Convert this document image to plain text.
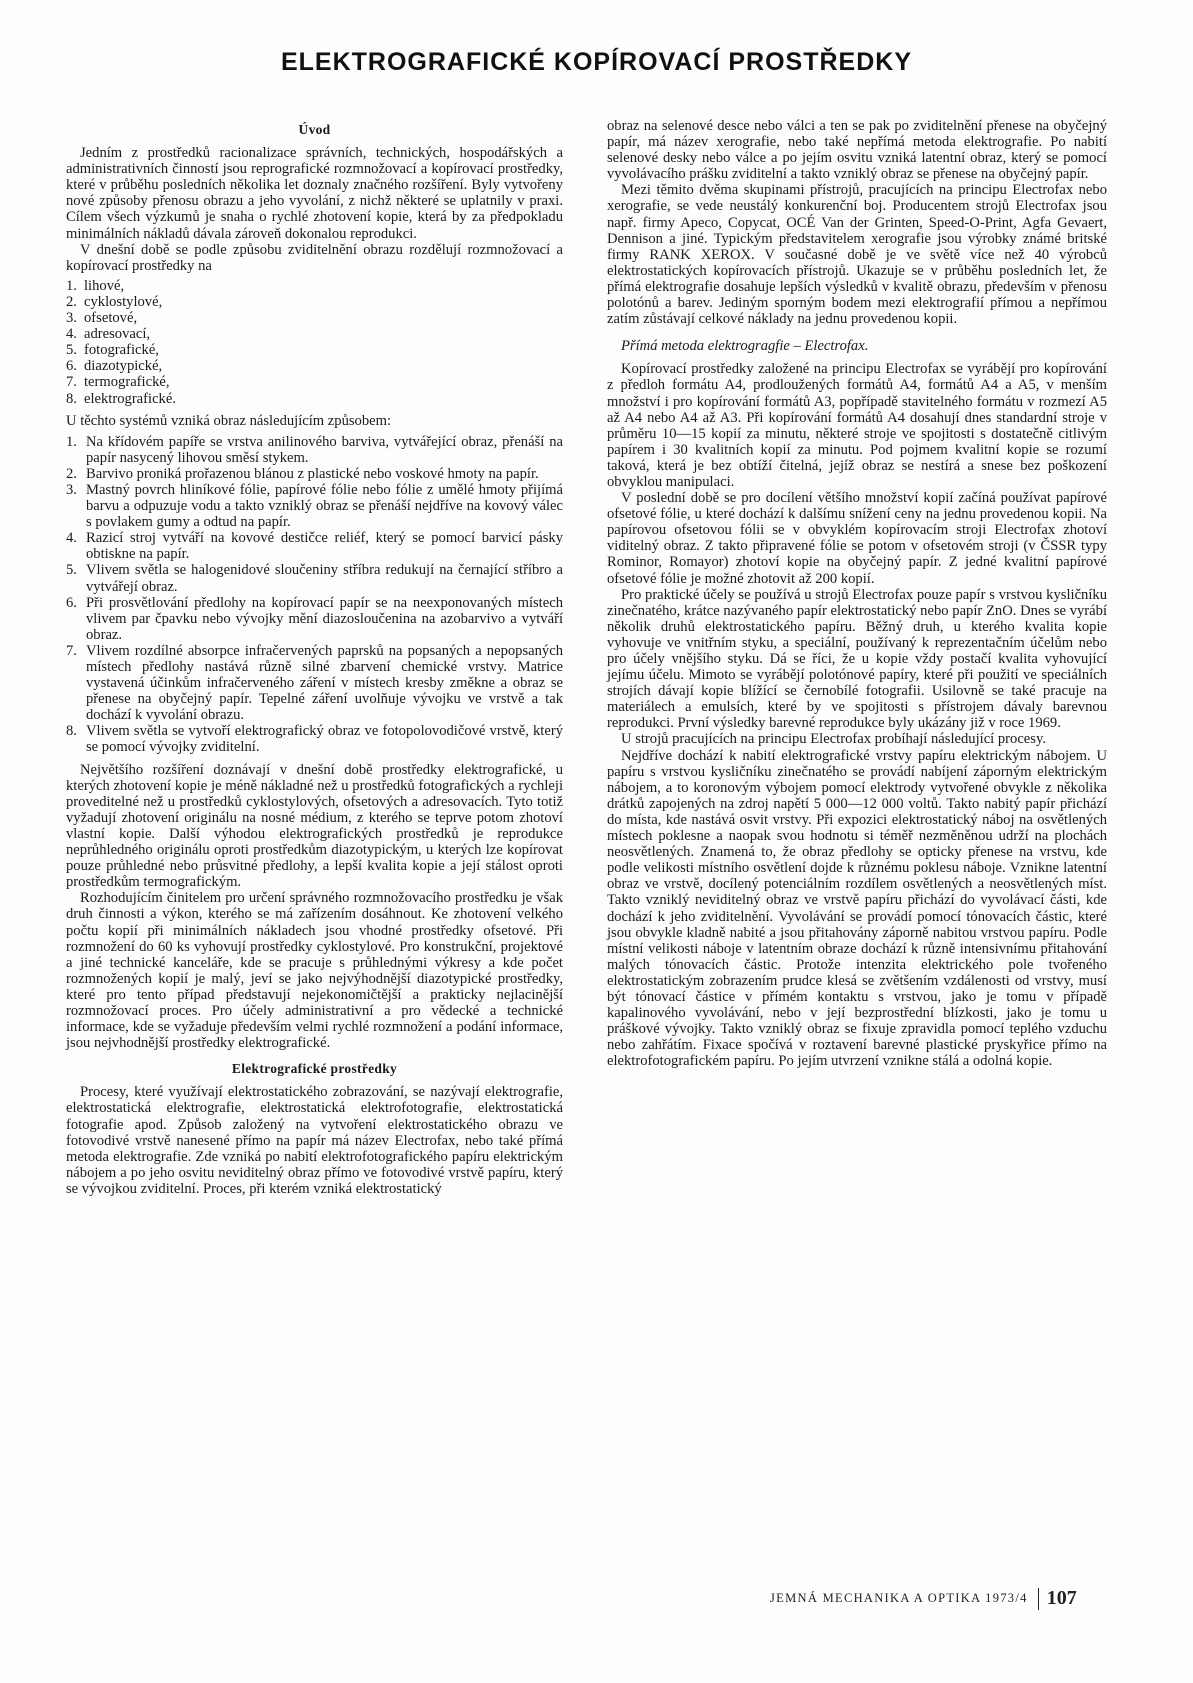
ELEKTROGRAFICKÉ KOPÍROVACÍ PROSTŘEDKY
Úvod

Jedním z prostředků racionalizace správních, technických, hospodářských a administrativních činností jsou reprografické rozmnožovací a kopírovací prostředky, které v průběhu posledních několika let doznaly značného rozšíření. Byly vytvořeny nové způsoby přenosu obrazu a jeho vyvolání, z nichž některé se uplatnily v praxi. Cílem všech výzkumů je snaha o rychlé zhotovení kopie, která by za předpokladu minimálních nákladů dávala zároveň dokonalou reprodukci.

V dnešní době se podle způsobu zviditelnění obrazu rozdělují rozmnožovací a kopírovací prostředky na

1. lihové,
2. cyklostylové,
3. ofsetové,
4. adresovací,
5. fotografické,
6. diazotypické,
7. termografické,
8. elektrografické.

U těchto systémů vzniká obraz následujícím způsobem:

1. Na křídovém papíře se vrstva anilinového barviva, vytvářející obraz, přenáší na papír nasycený lihovou směsí stykem.
2. Barvivo proniká prořazenou blánou z plastické nebo voskové hmoty na papír.
3. Mastný povrch hliníkové fólie, papírové fólie nebo fólie z umělé hmoty přijímá barvu a odpuzuje vodu a takto vzniklý obraz se přenáší nejdříve na kovový válec s povlakem gumy a odtud na papír.
4. Razicí stroj vytváří na kovové destičce reliéf, který se pomocí barvicí pásky obtiskne na papír.
5. Vlivem světla se halogenidové sloučeniny stříbra redukují na černající stříbro a vytvářejí obraz.
6. Při prosvětlování předlohy na kopírovací papír se na neexponovaných místech vlivem par čpavku nebo vývojky mění diazosloučenina na azobarvivo a vytváří obraz.
7. Vlivem rozdílné absorpce infračervených paprsků na popsaných a nepopsaných místech předlohy nastává různě silné zbarvení chemické vrstvy. Matrice vystavená účinkům infračerveného záření v místech kresby změkne a obraz se přenese na obyčejný papír. Tepelné záření uvolňuje vývojku ve vrstvě a tak dochází k vyvolání obrazu.
8. Vlivem světla se vytvoří elektrografický obraz ve fotopolovodičové vrstvě, který se pomocí vývojky zviditelní.

Největšího rozšíření doznávají v dnešní době prostředky elektrografické, u kterých zhotovení kopie je méně nákladné než u prostředků fotografických a rychleji proveditelné než u prostředků cyklostylových, ofsetových a adresovacích. Tyto totiž vyžadují zhotovení originálu na nosné médium, z kterého se teprve potom zhotoví vlastní kopie. Další výhodou elektrografických prostředků je reprodukce neprůhledného originálu oproti prostředkům diazotypickým, u kterých lze kopírovat pouze průhledné nebo průsvitné předlohy, a lepší kvalita kopie a její stálost oproti prostředkům termografickým.

Rozhodujícím činitelem pro určení správného rozmnožovacího prostředku je však druh činnosti a výkon, kterého se má zařízením dosáhnout. Ke zhotovení velkého počtu kopií při minimálních nákladech jsou vhodné prostředky ofsetové. Při rozmnožení do 60 ks vyhovují prostředky cyklostylové. Pro konstrukční, projektové a jiné technické kanceláře, kde se pracuje s průhlednými výkresy a kde počet rozmnožených kopií je malý, jeví se jako nejvýhodnější diazotypické prostředky, které pro tento případ představují nejekonomičtější a prakticky nejlacinější rozmnožovací proces. Pro účely administrativní a pro vědecké a technické informace, kde se vyžaduje především velmi rychlé rozmnožení a podání informace, jsou nejvhodnější prostředky elektrografické.

Elektrografické prostředky

Procesy, které využívají elektrostatického zobrazování, se nazývají elektrografie, elektrostatická elektrografie, elektrostatická elektrofotografie, elektrostatická fotografie apod. Způsob založený na vytvoření elektrostatického obrazu ve fotovodivé vrstvě nanesené přímo na papír má název Electrofax, nebo také přímá metoda elektrografie. Zde vzniká po nabití elektrofotografického papíru elektrickým nábojem a po jeho osvitu neviditelný obraz přímo ve fotovodivé vrstvě papíru, který se vývojkou zviditelní. Proces, při kterém vzniká elektrostatický

obraz na selenové desce nebo válci a ten se pak po zviditelnění přenese na obyčejný papír, má název xerografie, nebo také nepřímá metoda elektrografie. Po nabití selenové desky nebo válce a po jejím osvitu vzniká latentní obraz, který se pomocí vyvolávacího prášku zviditelní a takto vzniklý obraz se přenese na obyčejný papír.

Mezi těmito dvěma skupinami přístrojů, pracujících na principu Electrofax nebo xerografie, se vede neustálý konkurenční boj. Producentem strojů Electrofax jsou např. firmy Apeco, Copycat, OCÉ Van der Grinten, Speed-O-Print, Agfa Gevaert, Dennison a jiné. Typickým představitelem xerografie jsou výrobky známé britské firmy RANK XEROX. V současné době je ve světě více než 40 výrobců elektrostatických kopírovacích přístrojů. Ukazuje se v průběhu posledních let, že přímá elektrografie dosahuje lepších výsledků v kvalitě obrazu, především v přenosu polotónů a barev. Jediným sporným bodem mezi elektrografií přímou a nepřímou zatím zůstávají celkové náklady na jednu provedenou kopii.

Přímá metoda elektrogragfie – Electrofax.

Kopírovací prostředky založené na principu Electrofax se vyrábějí pro kopírování z předloh formátu A4, prodloužených formátů A4, formátů A4 a A5, v menším množství i pro kopírování formátů A3, popřípadě stavitelného formátu v rozmezí A5 až A4 nebo A4 až A3. Při kopírování formátů A4 dosahují dnes standardní stroje v průměru 10—15 kopií za minutu, některé stroje ve spojitosti s dostatečně citlivým papírem i 30 kvalitních kopií za minutu. Pod pojmem kvalitní kopie se rozumí taková, která je bez obtíží čitelná, jejíž obraz se nestírá a snese bez poškození obvyklou manipulaci.

V poslední době se pro docílení většího množství kopií začíná používat papírové ofsetové fólie, u které dochází k dalšímu snížení ceny na jednu provedenou kopii. Na papírovou ofsetovou fólii se v obvyklém kopírovacím stroji Electrofax zhotoví viditelný obraz. Z takto připravené fólie se potom v ofsetovém stroji (v ČSSR typy Rominor, Romayor) zhotoví kopie na obyčejný papír. Z jedné kvalitní papírové ofsetové fólie je možné zhotovit až 200 kopií.

Pro praktické účely se používá u strojů Electrofax pouze papír s vrstvou kysličníku zinečnatého, krátce nazývaného papír elektrostatický nebo papír ZnO. Dnes se vyrábí několik druhů elektrostatického papíru. Běžný druh, u kterého kvalita kopie vyhovuje ve vnitřním styku, a speciální, používaný k reprezentačním účelům nebo pro účely vnějšího styku. Dá se říci, že u kopie vždy postačí kvalita vyhovující jejímu účelu. Mimoto se vyrábějí polotónové papíry, které při použití ve speciálních strojích dávají kopie blížící se černobílé fotografii. Usilovně se také pracuje na materiálech a emulsích, které by ve spojitosti s přístrojem dávaly barevnou reprodukci. První výsledky barevné reprodukce byly ukázány již v roce 1969.

U strojů pracujících na principu Electrofax probíhají následující procesy.

Nejdříve dochází k nabití elektrografické vrstvy papíru elektrickým nábojem. U papíru s vrstvou kysličníku zinečnatého se provádí nabíjení záporným elektrickým nábojem, a to koronovým výbojem pomocí elektrody vytvořené obvykle z několika drátků zapojených na zdroj napětí 5 000—12 000 voltů. Takto nabitý papír přichází do místa, kde nastává osvit vrstvy. Při expozici elektrostatický náboj na osvětlených místech poklesne a naopak svou hodnotu si téměř nezměněnou udrží na plochách neosvětlených. Znamená to, že obraz předlohy se opticky přenese na vrstvu, kde podle velikosti místního osvětlení dojde k různému poklesu náboje. Vznikne latentní obraz ve vrstvě, docílený potenciálním rozdílem osvětlených a neosvětlených míst. Takto vzniklý neviditelný obraz ve vrstvě papíru přichází do vyvolávací části, kde dochází k jeho zviditelnění. Vyvolávání se provádí pomocí tónovacích částic, které jsou obvykle kladně nabité a jsou přitahovány záporně nabitou vrstvou papíru. Podle místní velikosti náboje v latentním obraze dochází k různě intensivnímu přitahování malých tónovacích částic. Protože intenzita elektrického pole tvořeného elektrostatickým zobrazením prudce klesá se zvětšením vzdálenosti od vrstvy, musí být tónovací částice v přímém kontaktu s vrstvou, jako je tomu v případě kapalinového vyvolávání, nebo v její bezprostřední blízkosti, jako je tomu u práškové vývojky. Takto vzniklý obraz se fixuje zpravidla pomocí teplého vzduchu nebo zahřátím. Fixace spočívá v roztavení barevné plastické pryskyřice přímo na elektrofotografickém papíru. Po jejím utvrzení vznikne stálá a odolná kopie.

JEMNÁ MECHANIKA A OPTIKA 1973/4 107
